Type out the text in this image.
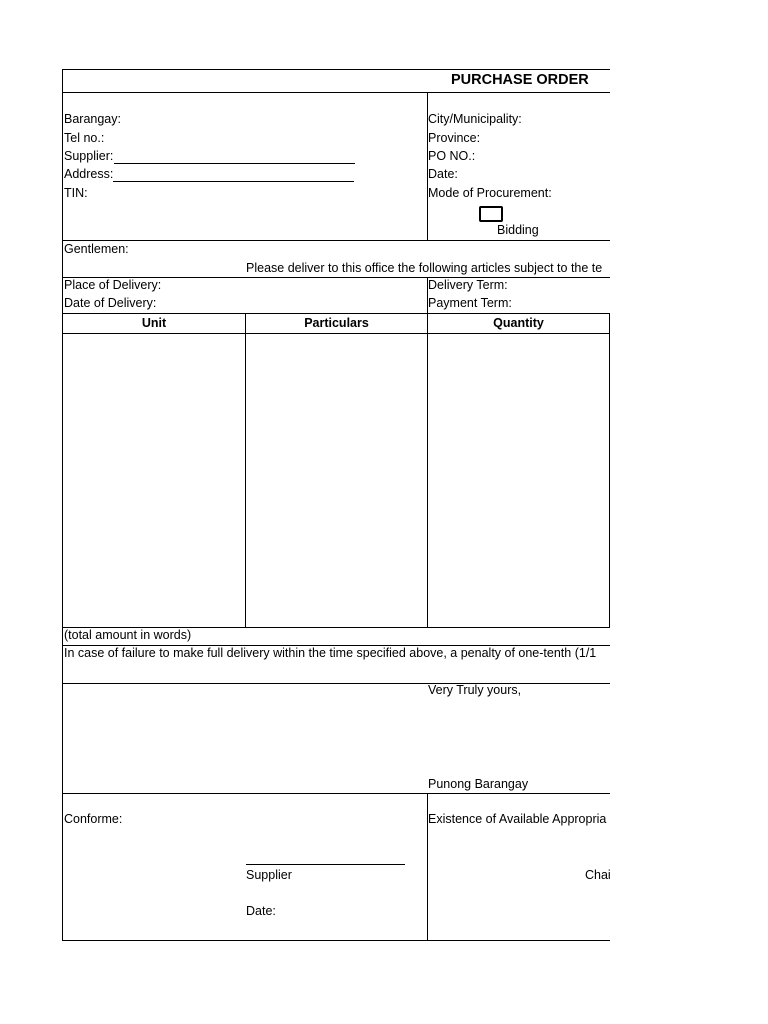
PURCHASE ORDER
Barangay:
Tel no.:
Supplier:
Address:
TIN:
City/Municipality:
Province:
PO NO.:
Date:
Mode of Procurement:
Bidding
Gentlemen:
Please deliver to this office the following articles subject to the te
Place of Delivery:
Date of Delivery:
Delivery Term:
Payment Term:
Unit	Particulars	Quantity
(total amount in words)
In case of failure to make full delivery within the time specified above, a penalty of one-tenth (1/1
Very Truly yours,
Punong Barangay
Conforme:	Existence of Available Appropria
Supplier	Chai
Date:
